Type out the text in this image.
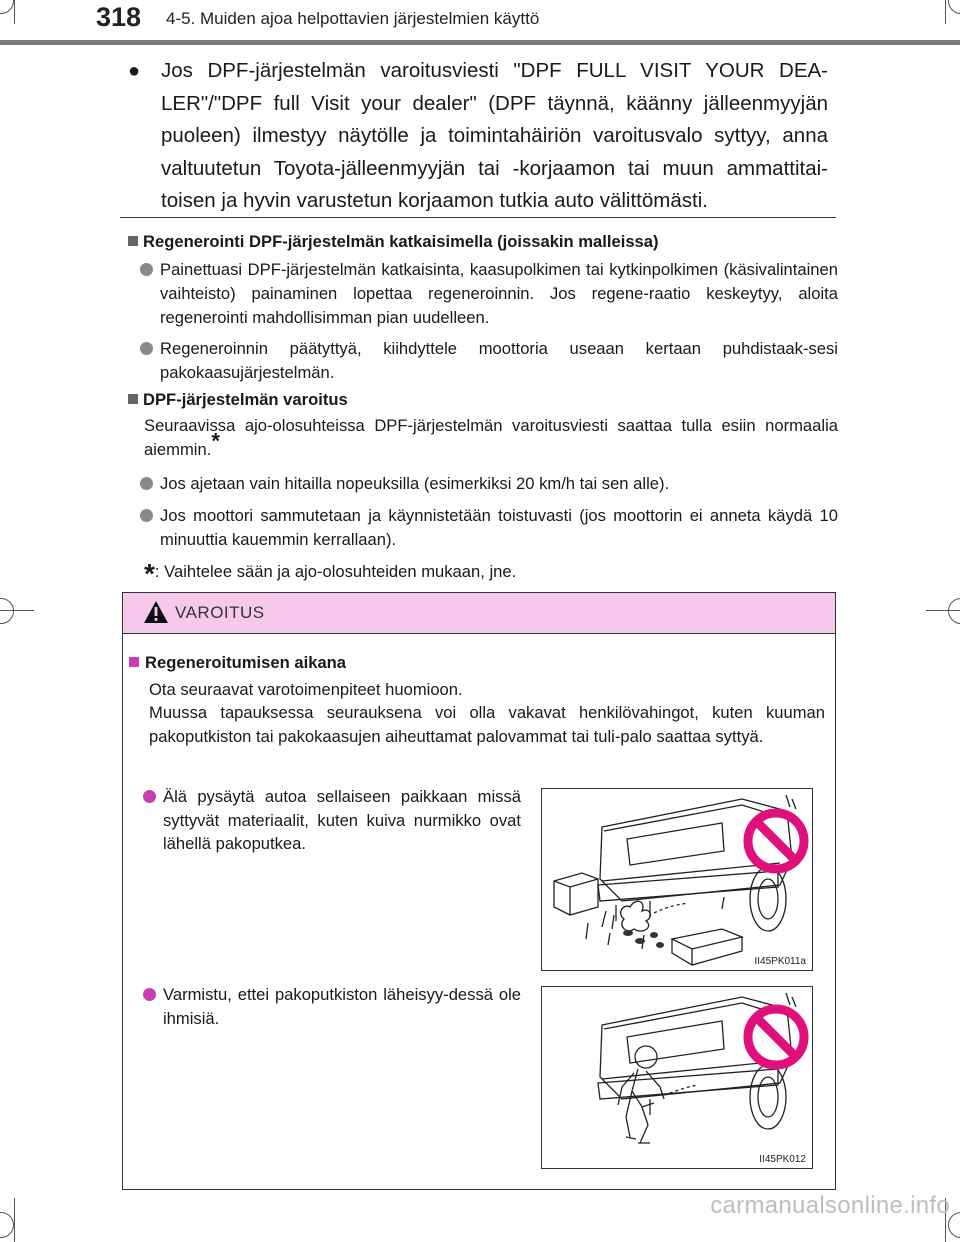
318 4-5. Muiden ajoa helpottavien järjestelmien käyttö
●	Jos DPF-järjestelmän varoitusviesti "DPF FULL VISIT YOUR DEA-LER"/"DPF full Visit your dealer" (DPF täynnä, käänny jälleenmyyjän puoleen) ilmestyy näytölle ja toimintahäiriön varoitusvalo syttyy, anna valtuutetun Toyota-jälleenmyyjän tai -korjaamon tai muun ammattitai-toisen ja hyvin varustetun korjaamon tutkia auto välittömästi.
Regenerointi DPF-järjestelmän katkaisimella (joissakin malleissa)
Painettuasi DPF-järjestelmän katkaisinta, kaasupolkimen tai kytkinpolkimen (käsivalintainen vaihteisto) painaminen lopettaa regeneroinnin. Jos regene-raatio keskeytyy, aloita regenerointi mahdollisimman pian uudelleen.
Regeneroinnin päätyttyä, kiihdyttele moottoria useaan kertaan puhdistaak-sesi pakokaasujärjestelmän.
DPF-järjestelmän varoitus
Seuraavissa ajo-olosuhteissa DPF-järjestelmän varoitusviesti saattaa tulla esiin normaalia aiemmin.*
Jos ajetaan vain hitailla nopeuksilla (esimerkiksi 20 km/h tai sen alle).
Jos moottori sammutetaan ja käynnistetään toistuvasti (jos moottorin ei anneta käydä 10 minuuttia kauemmin kerrallaan).
*: Vaihtelee sään ja ajo-olosuhteiden mukaan, jne.
VAROITUS
Regeneroitumisen aikana
Ota seuraavat varotoimenpiteet huomioon.
Muussa tapauksessa seurauksena voi olla vakavat henkilövahingot, kuten kuuman pakoputkiston tai pakokaasujen aiheuttamat palovammat tai tuli-palo saattaa syttyä.
Älä pysäytä autoa sellaiseen paikkaan missä syttyvät materiaalit, kuten kuiva nurmikko ovat lähellä pakoputkea.
Varmistu, ettei pakoputkiston läheisyy-dessä ole ihmisiä.
II45PK011a
II45PK012
carmanualsonline.info
